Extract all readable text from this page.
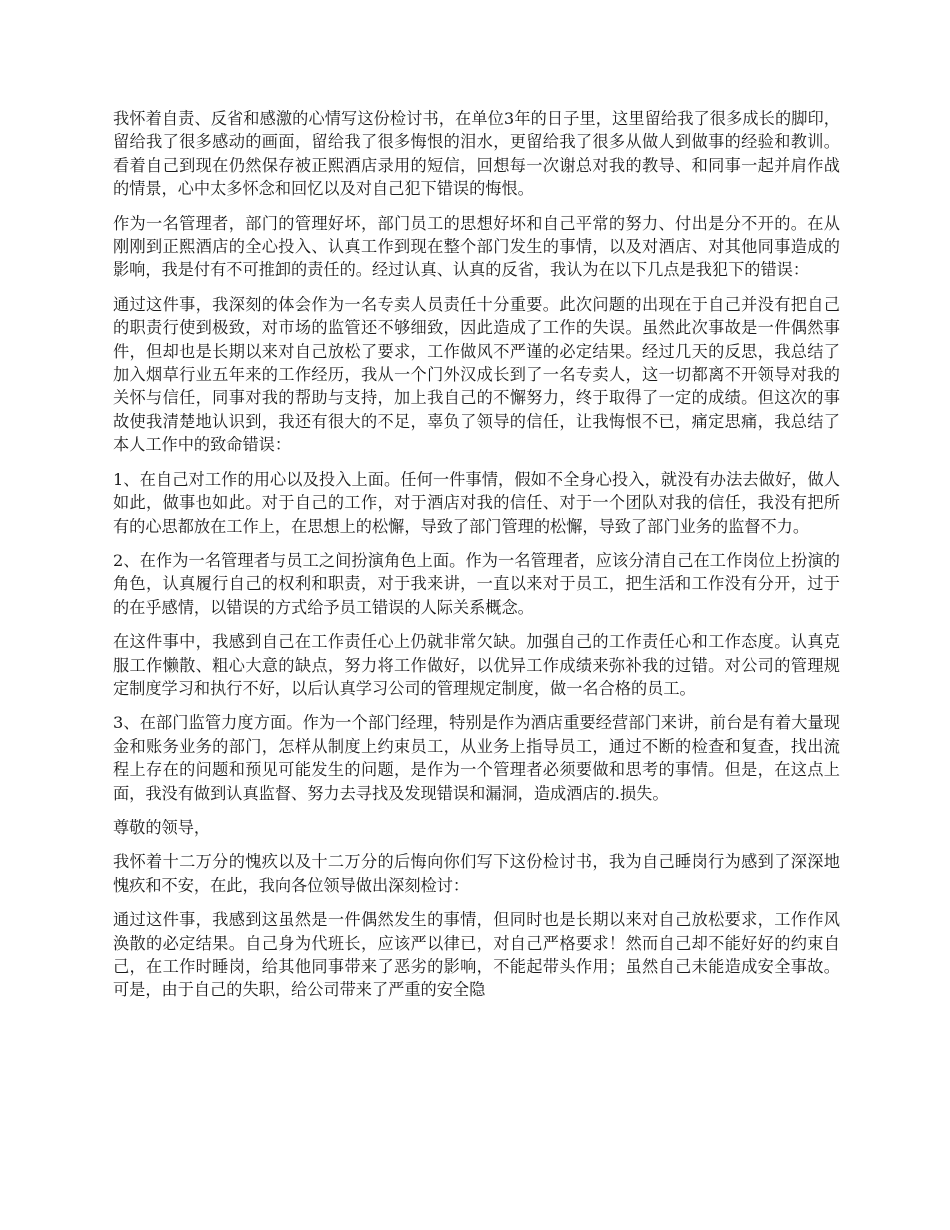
我怀着自责、反省和感激的心情写这份检讨书，在单位3年的日子里，这里留给我了很多成长的脚印，留给我了很多感动的画面，留给我了很多悔恨的泪水，更留给我了很多从做人到做事的经验和教训。看着自己到现在仍然保存被正熙酒店录用的短信，回想每一次谢总对我的教导、和同事一起并肩作战的情景，心中太多怀念和回忆以及对自己犯下错误的悔恨。

作为一名管理者，部门的管理好坏，部门员工的思想好坏和自己平常的努力、付出是分不开的。在从刚刚到正熙酒店的全心投入、认真工作到现在整个部门发生的事情，以及对酒店、对其他同事造成的影响，我是付有不可推卸的责任的。经过认真、认真的反省，我认为在以下几点是我犯下的错误：

通过这件事，我深刻的体会作为一名专卖人员责任十分重要。此次问题的出现在于自己并没有把自己的职责行使到极致，对市场的监管还不够细致，因此造成了工作的失误。虽然此次事故是一件偶然事件，但却也是长期以来对自己放松了要求，工作做风不严谨的必定结果。经过几天的反思，我总结了加入烟草行业五年来的工作经历，我从一个门外汉成长到了一名专卖人，这一切都离不开领导对我的关怀与信任，同事对我的帮助与支持，加上我自己的不懈努力，终于取得了一定的成绩。但这次的事故使我清楚地认识到，我还有很大的不足，辜负了领导的信任，让我悔恨不已，痛定思痛，我总结了本人工作中的致命错误：

1、在自己对工作的用心以及投入上面。任何一件事情，假如不全身心投入，就没有办法去做好，做人如此，做事也如此。对于自己的工作，对于酒店对我的信任、对于一个团队对我的信任，我没有把所有的心思都放在工作上，在思想上的松懈，导致了部门管理的松懈，导致了部门业务的监督不力。

2、在作为一名管理者与员工之间扮演角色上面。作为一名管理者，应该分清自己在工作岗位上扮演的角色，认真履行自己的权利和职责，对于我来讲，一直以来对于员工，把生活和工作没有分开，过于的在乎感情，以错误的方式给予员工错误的人际关系概念。

在这件事中，我感到自己在工作责任心上仍就非常欠缺。加强自己的工作责任心和工作态度。认真克服工作懒散、粗心大意的缺点，努力将工作做好，以优异工作成绩来弥补我的过错。对公司的管理规定制度学习和执行不好，以后认真学习公司的管理规定制度，做一名合格的员工。

3、在部门监管力度方面。作为一个部门经理，特别是作为酒店重要经营部门来讲，前台是有着大量现金和账务业务的部门，怎样从制度上约束员工，从业务上指导员工，通过不断的检查和复查，找出流程上存在的问题和预见可能发生的问题，是作为一个管理者必须要做和思考的事情。但是，在这点上面，我没有做到认真监督、努力去寻找及发现错误和漏洞，造成酒店的.损失。

尊敬的领导，

我怀着十二万分的愧疚以及十二万分的后悔向你们写下这份检讨书，我为自己睡岗行为感到了深深地愧疚和不安，在此，我向各位领导做出深刻检讨：

通过这件事，我感到这虽然是一件偶然发生的事情，但同时也是长期以来对自己放松要求，工作作风涣散的必定结果。自己身为代班长，应该严以律已，对自己严格要求！然而自己却不能好好的约束自己，在工作时睡岗，给其他同事带来了恶劣的影响，不能起带头作用；虽然自己未能造成安全事故。可是，由于自己的失职，给公司带来了严重的安全隐
